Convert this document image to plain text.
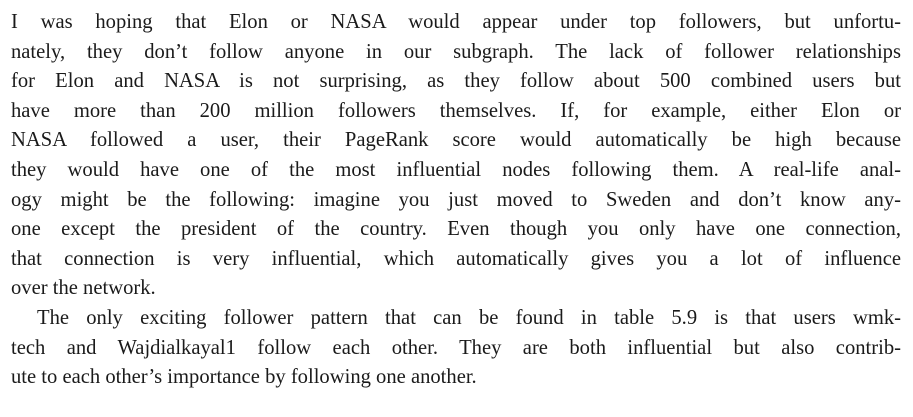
I was hoping that Elon or NASA would appear under top followers, but unfortu-
nately, they don’t follow anyone in our subgraph. The lack of follower relationships
for Elon and NASA is not surprising, as they follow about 500 combined users but
have more than 200 million followers themselves. If, for example, either Elon or
NASA followed a user, their PageRank score would automatically be high because
they would have one of the most influential nodes following them. A real-life anal-
ogy might be the following: imagine you just moved to Sweden and don’t know any-
one except the president of the country. Even though you only have one connection,
that connection is very influential, which automatically gives you a lot of influence
over the network.
The only exciting follower pattern that can be found in table 5.9 is that users wmk-
tech and Wajdialkayal1 follow each other. They are both influential but also contrib-
ute to each other’s importance by following one another.
